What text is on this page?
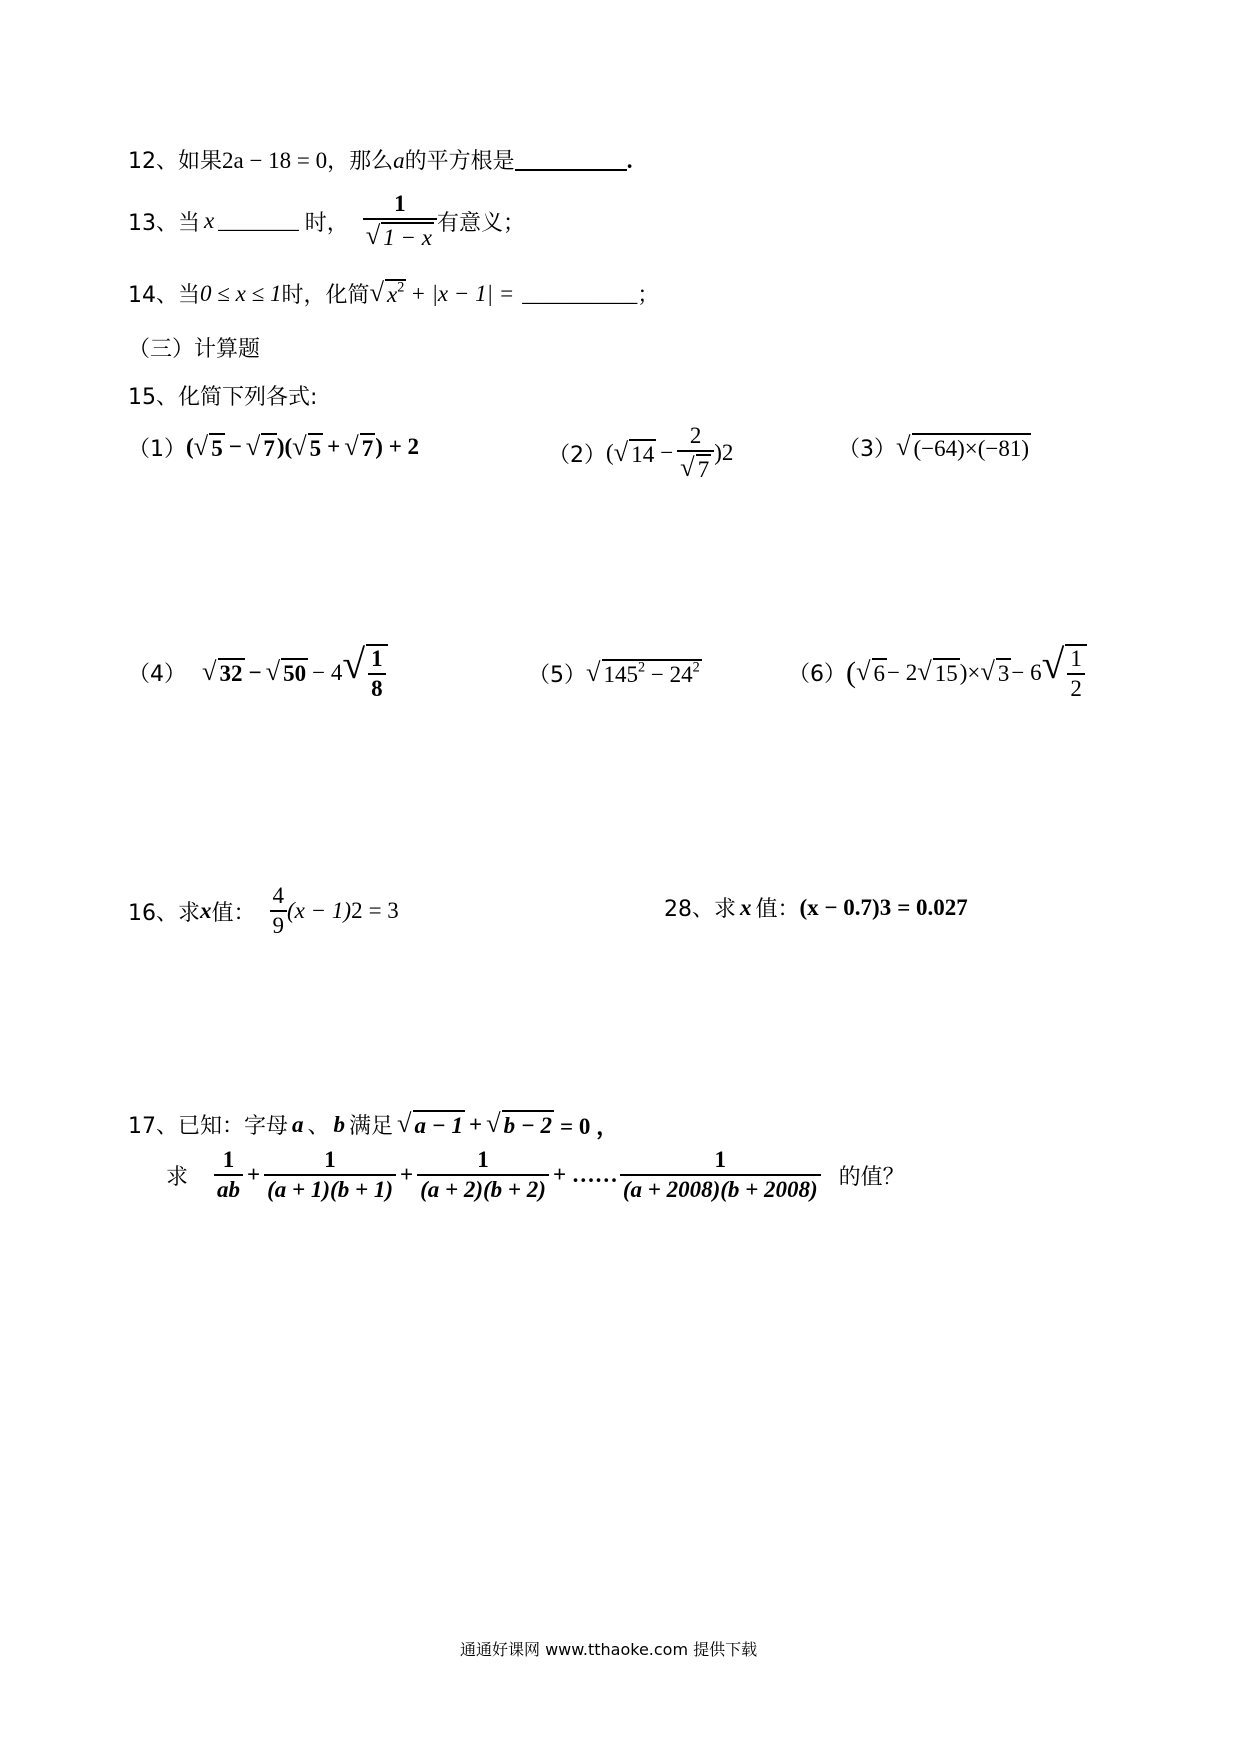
12、如果2a − 18 = 0，那么a的平方根是	.
13、当 x _______ 时， $\frac{1}{√ 1 - x}$ 有意义；
14、当 0 ≤ x ≤ 1 时，化简 √ $x^2 + |x - 1|$ = __________ ；
（三）计算题
15、化简下列各式:
（1） ( √ 5 − √ 7 )( √ 5 + √ 7 ) + 2	（2） ( √ $14 - \frac{2}{√ 7}$ ) 2	（3） √ (−64)×(−81)
（4） √ 32 − √ 50 − 4 √ $\frac{1}{8}$	（5） √ $145^2 - 24^2$	（6） ( √ 6 − 2 √ 15 )× √ 3 − 6 √ $\frac{1}{2}$
16、求 x 值： $\frac{4}{9} (x - 1) 2 = 3$	28、求 x 值： (x − 0.7) 3 = 0.027
17、已知：字母 a 、 b 满足 √ a − 1 + √ b − 2 = 0 ，
求 $\frac{1}{ab} + \frac{1}{(a + 1)(b + 1)} + \frac{1}{(a + 2)(b + 2)}$ + …… $\frac{1}{(a + 2008)(b + 2008)}$ 的值？
通通好课网 www.tthaoke.com 提供下载
